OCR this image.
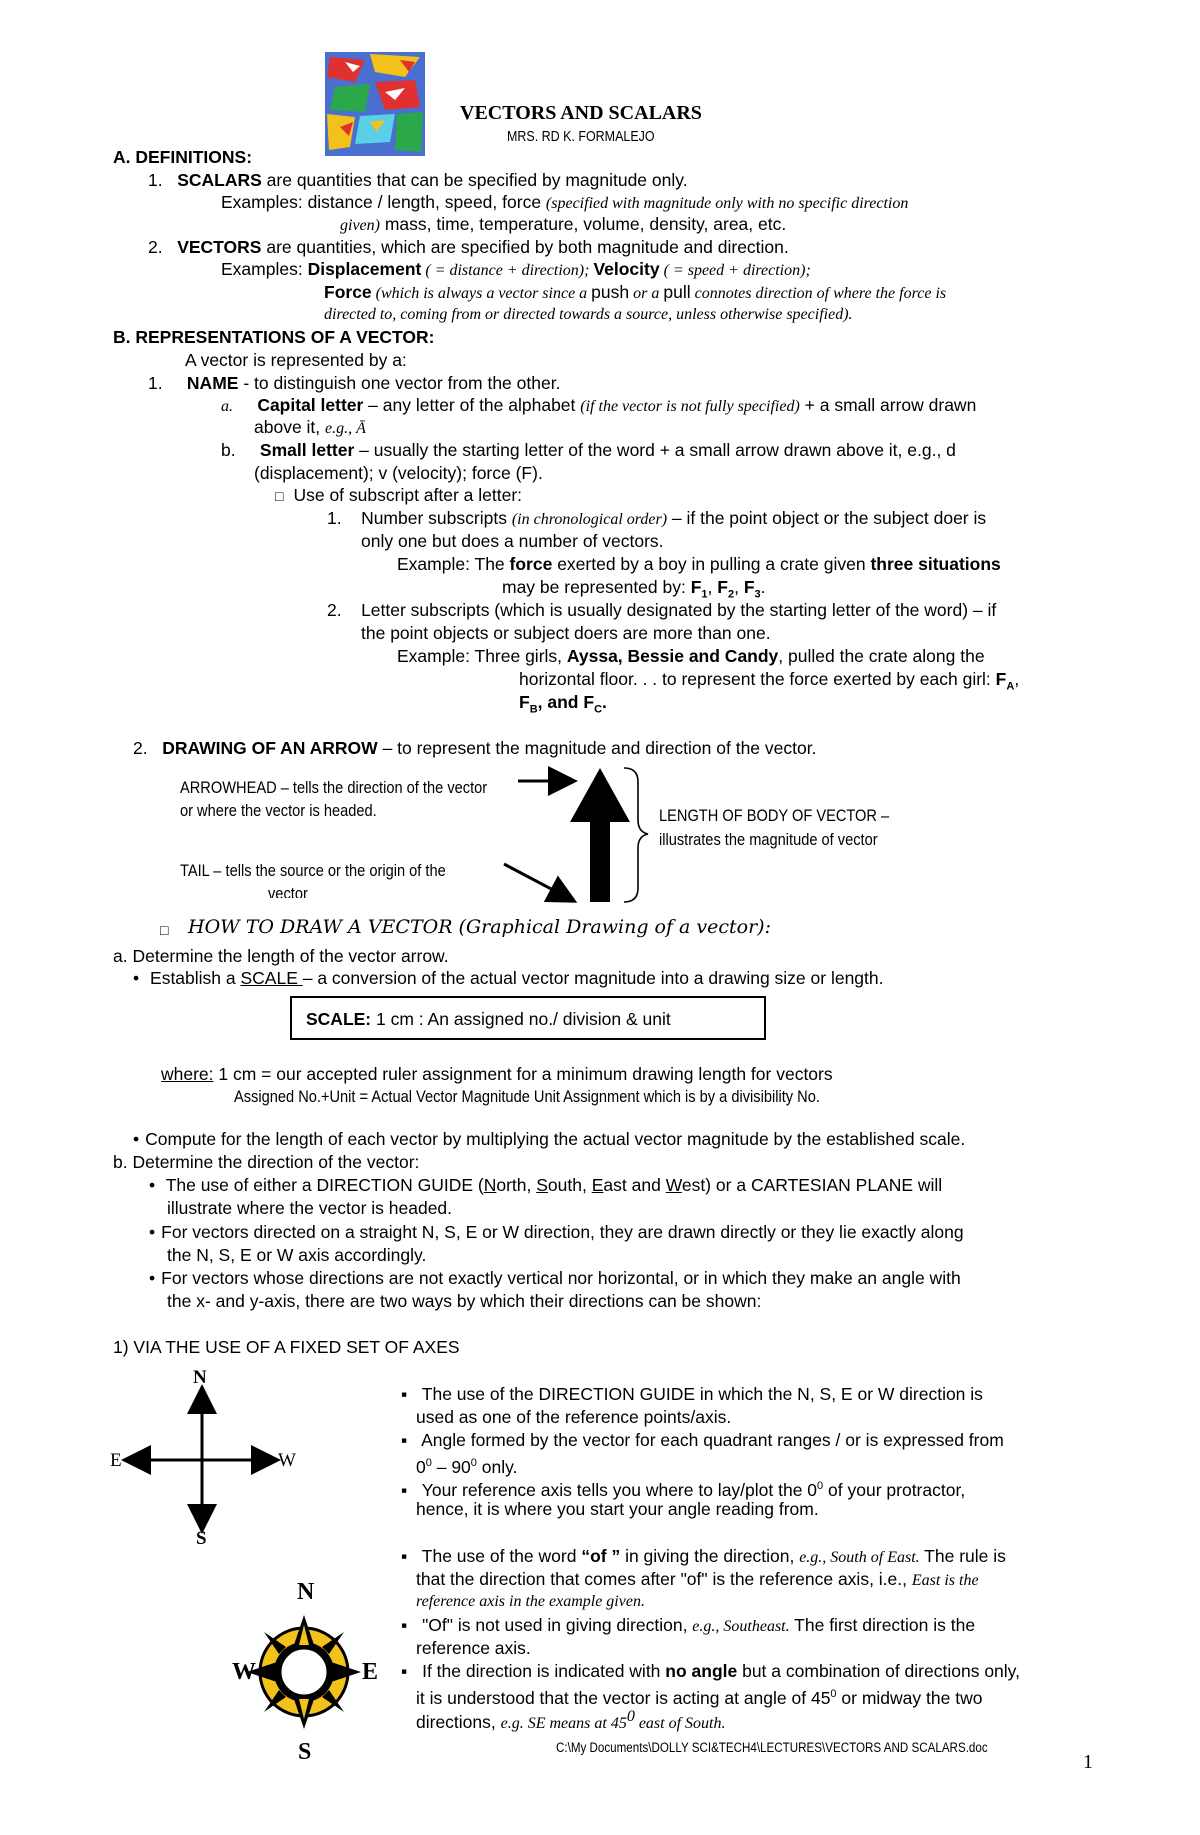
VECTORS AND SCALARS
MRS. RD K. FORMALEJO
A. DEFINITIONS:
1. SCALARS are quantities that can be specified by magnitude only.
Examples: distance / length, speed, force (specified with magnitude only with no specific direction
given) mass, time, temperature, volume, density, area, etc.
2. VECTORS are quantities, which are specified by both magnitude and direction.
Examples: Displacement ( = distance + direction); Velocity ( = speed + direction);
Force (which is always a vector since a push or a pull connotes direction of where the force is
directed to, coming from or directed towards a source, unless otherwise specified).
B. REPRESENTATIONS OF A VECTOR:
A vector is represented by a:
1. NAME - to distinguish one vector from the other.
a. Capital letter – any letter of the alphabet (if the vector is not fully specified) + a small arrow drawn
above it, e.g., Ā
b. Small letter – usually the starting letter of the word + a small arrow drawn above it, e.g., d
(displacement); v (velocity); force (F).
□ Use of subscript after a letter:
1. Number subscripts (in chronological order) – if the point object or the subject doer is
only one but does a number of vectors.
Example: The force exerted by a boy in pulling a crate given three situations
may be represented by: $F_1$, $F_2$, $F_3$.
2. Letter subscripts (which is usually designated by the starting letter of the word) – if
the point objects or subject doers are more than one.
Example: Three girls, Ayssa, Bessie and Candy, pulled the crate along the
horizontal floor. . . to represent the force exerted by each girl: $F_A$,
$F_B$, and $F_C$.
2. DRAWING OF AN ARROW – to represent the magnitude and direction of the vector.
ARROWHEAD – tells the direction of the vector
or where the vector is headed.	LENGTH OF BODY OF VECTOR –
illustrates the magnitude of vector
TAIL – tells the source or the origin of the
vector
□
HOW TO DRAW A VECTOR (Graphical Drawing of a vector):
a. Determine the length of the vector arrow.
• Establish a SCALE – a conversion of the actual vector magnitude into a drawing size or length.
SCALE: 1 cm : An assigned no./ division & unit
where: 1 cm = our accepted ruler assignment for a minimum drawing length for vectors
Assigned No.+Unit = Actual Vector Magnitude Unit Assignment which is by a divisibility No.
• Compute for the length of each vector by multiplying the actual vector magnitude by the established scale.
b. Determine the direction of the vector:
• The use of either a DIRECTION GUIDE (North, South, East and West) or a CARTESIAN PLANE will
illustrate where the vector is headed.
• For vectors directed on a straight N, S, E or W direction, they are drawn directly or they lie exactly along
the N, S, E or W axis accordingly.
• For vectors whose directions are not exactly vertical nor horizontal, or in which they make an angle with
the x- and y-axis, there are two ways by which their directions can be shown:
1) VIA THE USE OF A FIXED SET OF AXES
N
E	W
S
N
W	E
S
▪ The use of the DIRECTION GUIDE in which the N, S, E or W direction is
used as one of the reference points/axis.
▪ Angle formed by the vector for each quadrant ranges / or is expressed from
$0^0 - 90^0$ only.
▪ Your reference axis tells you where to lay/plot the $0^0$ of your protractor,
hence, it is where you start your angle reading from.
▪ The use of the word “of ” in giving the direction, e.g., South of East. The rule is
that the direction that comes after "of" is the reference axis, i.e., East is the
reference axis in the example given.
▪ "Of" is not used in giving direction, e.g., Southeast. The first direction is the
reference axis.
▪ If the direction is indicated with no angle but a combination of directions only,
it is understood that the vector is acting at angle of $45^0$ or midway the two
directions, e.g. SE means at $45^0$ east of South.
C:\My Documents\DOLLY SCI&TECH4\LECTURES\VECTORS AND SCALARS.doc
1
